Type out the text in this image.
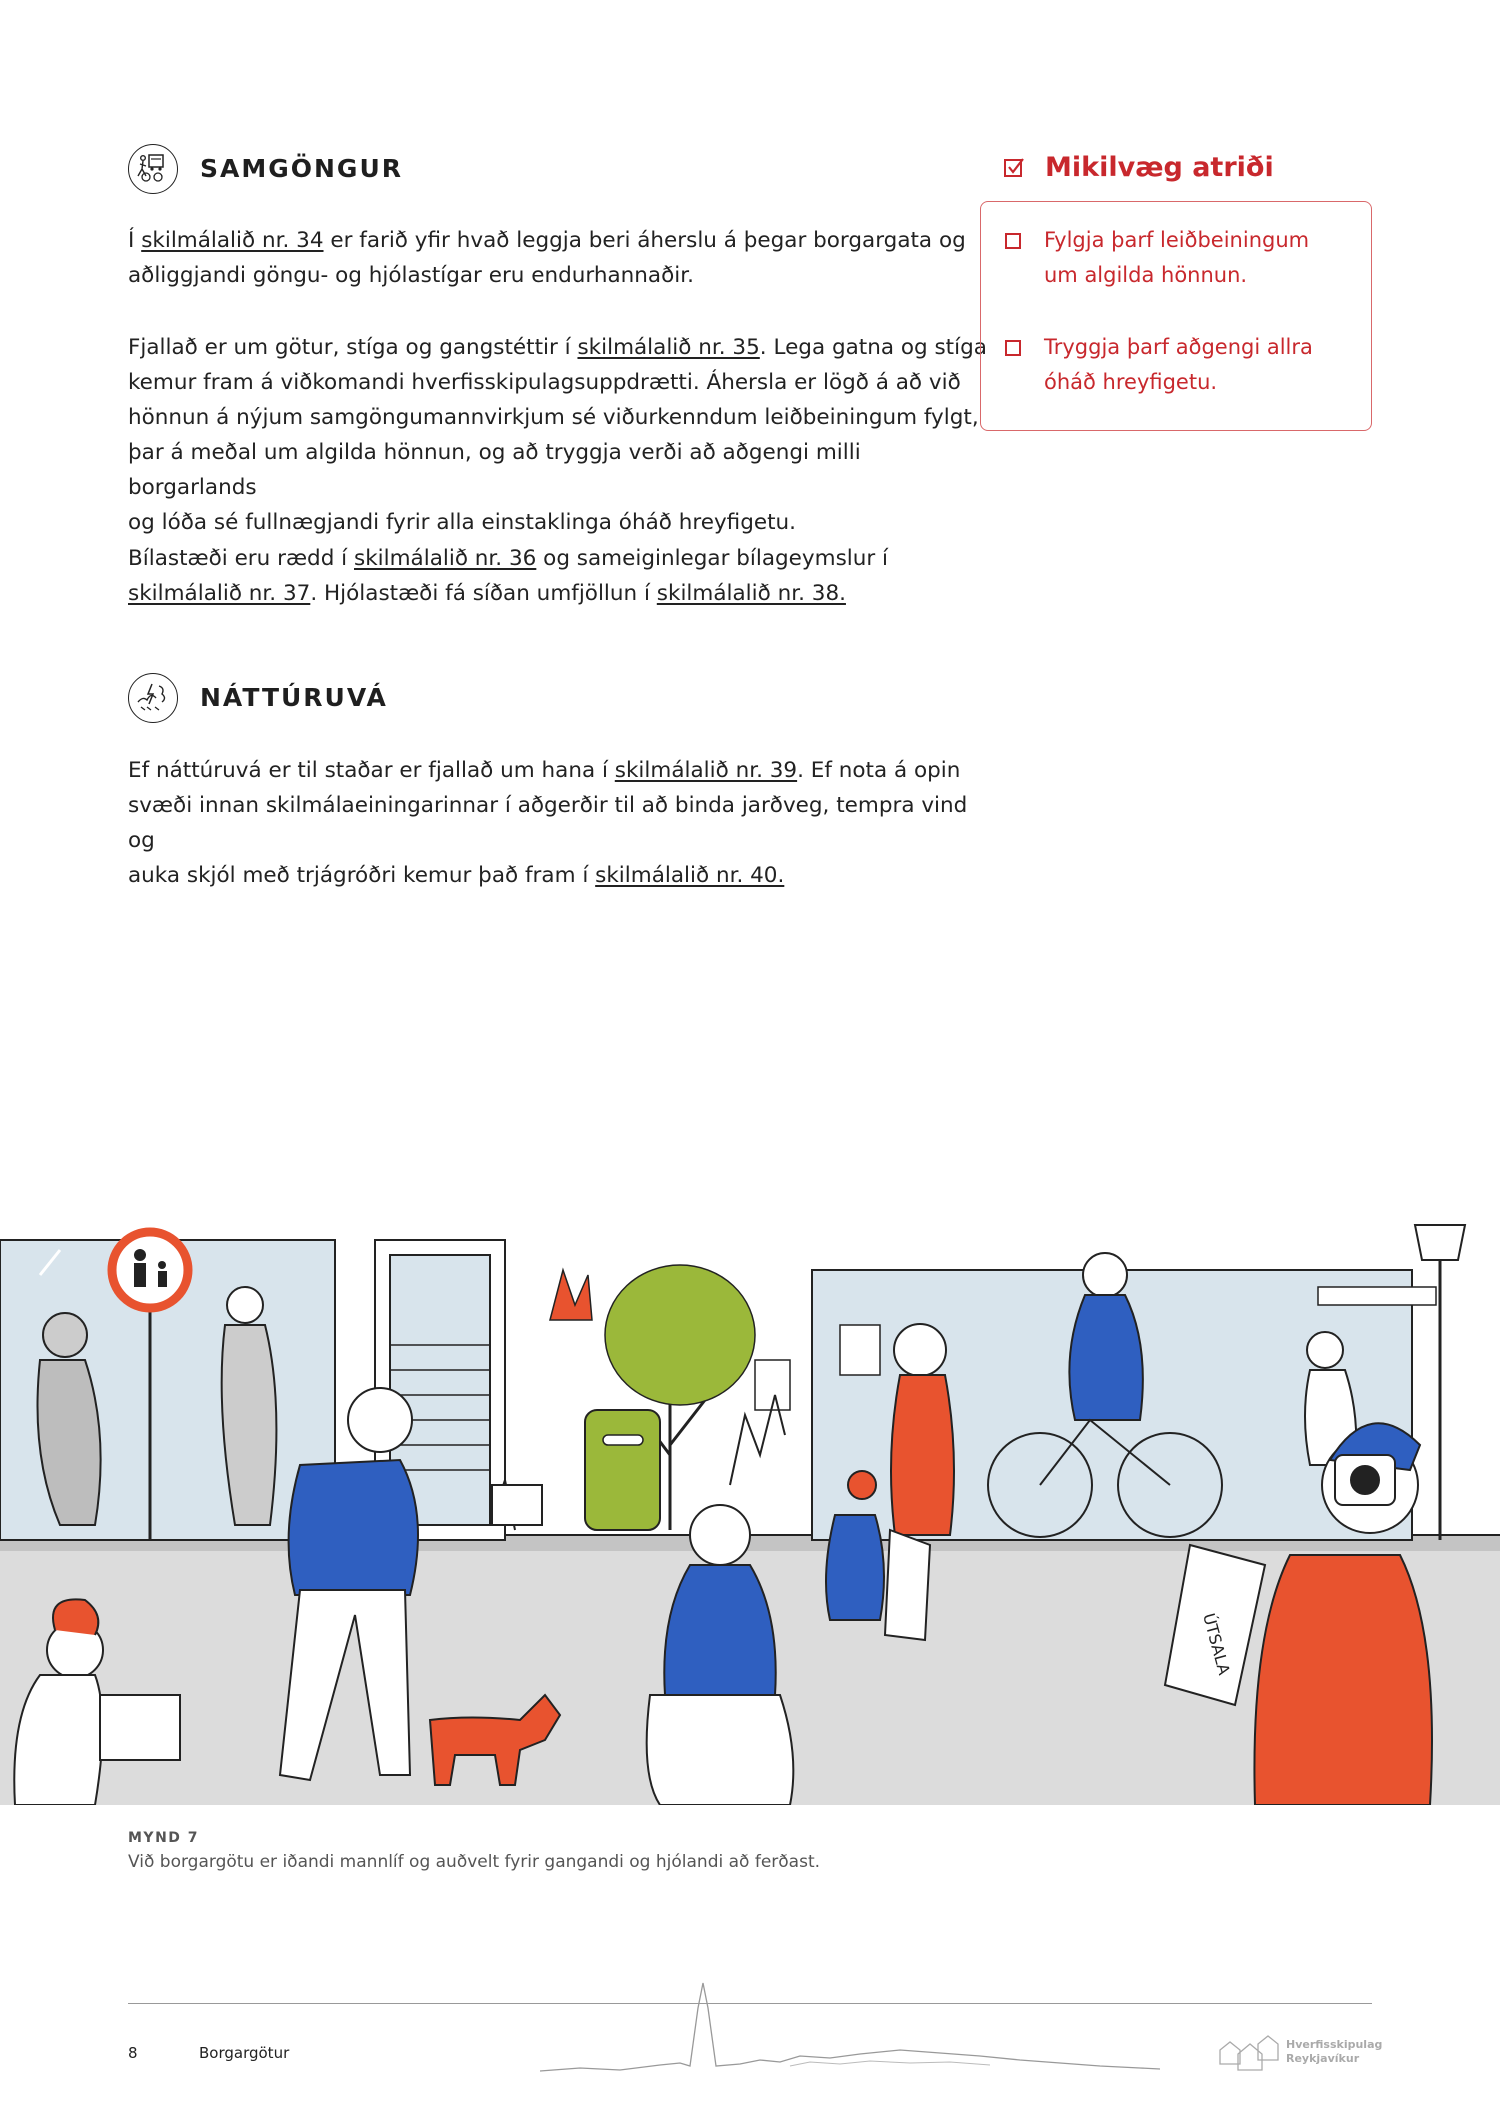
SAMGÖNGUR
Í skilmálalið nr. 34 er farið yfir hvað leggja beri áherslu á þegar borgargata og
aðliggjandi göngu- og hjólastígar eru endurhannaðir.
Fjallað er um götur, stíga og gangstéttir í skilmálalið nr. 35. Lega gatna og stíga
kemur fram á viðkomandi hverfisskipulagsuppdrætti. Áhersla er lögð á að við
hönnun á nýjum samgöngumannvirkjum sé viðurkenndum leiðbeiningum fylgt,
þar á meðal um algilda hönnun, og að tryggja verði að aðgengi milli borgarlands
og lóða sé fullnægjandi fyrir alla einstaklinga óháð hreyfigetu.
Bílastæði eru rædd í skilmálalið nr. 36 og sameiginlegar bílageymslur í
skilmálalið nr. 37. Hjólastæði fá síðan umfjöllun í skilmálalið nr. 38.
NÁTTÚRUVÁ
Ef náttúruvá er til staðar er fjallað um hana í skilmálalið nr. 39. Ef nota á opin
svæði innan skilmálaeiningarinnar í aðgerðir til að binda jarðveg, tempra vind og
auka skjól með trjágróðri kemur það fram í skilmálalið nr. 40.
Mikilvæg atriði
Fylgja þarf leiðbeiningum
um algilda hönnun.
Tryggja þarf aðgengi allra
óháð hreyfigetu.
ÚTSALA
MYND 7
Við borgargötu er iðandi mannlíf og auðvelt fyrir gangandi og hjólandi að ferðast.
8	Borgargötur	Hverfisskipulag
Reykjavíkur
